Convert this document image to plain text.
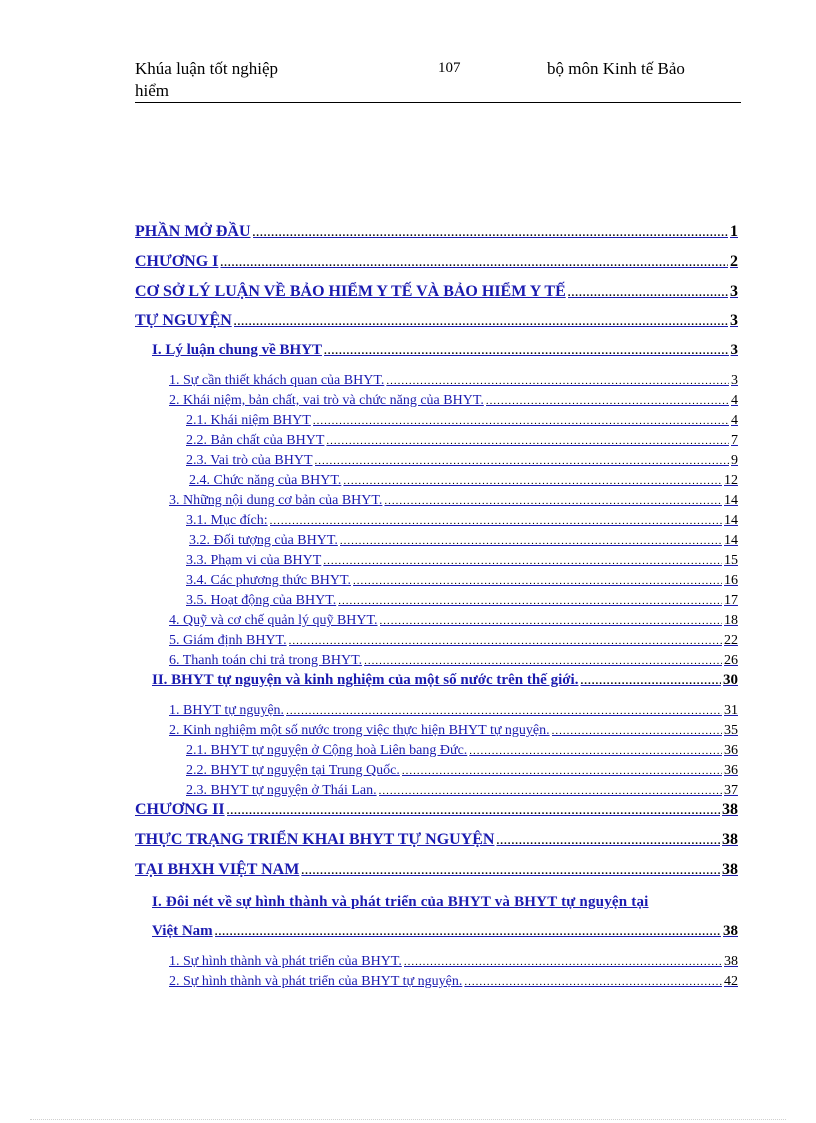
Khúa luận tốt nghiệp
hiểm
107	bộ môn Kinh tế Bảo
PHẦN MỞ ĐẦU .....	1
CHƯƠNG I .....	2
CƠ SỞ LÝ LUẬN VỀ BẢO HIỂM Y TẾ VÀ BẢO HIỂM Y TẾ .....	3
TỰ NGUYỆN .....	3
I. Lý luận chung về BHYT .....	3
1. Sự cần thiết khách quan của BHYT. .....	3
2. Khái niệm, bản chất, vai trò và chức năng của BHYT. .....	4
2.1. Khái niệm BHYT .....	4
2.2. Bản chất của BHYT .....	7
2.3. Vai trò của BHYT .....	9
2.4. Chức năng của BHYT. .....	12
3. Những nội dung cơ bản của BHYT. .....	14
3.1. Mục đích: .....	14
3.2. Đối tượng của BHYT. .....	14
3.3. Phạm vi của BHYT .....	15
3.4. Các phương thức BHYT. .....	16
3.5. Hoạt động của BHYT. .....	17
4. Quỹ và cơ chế quản lý quỹ BHYT. .....	18
5. Giám định BHYT. .....	22
6. Thanh toán chi trả trong BHYT. .....	26
II. BHYT tự nguyện và kinh nghiệm của một số nước trên thế giới. .....	30
1. BHYT tự nguyện. .....	31
2. Kinh nghiệm một số nước trong việc thực hiện BHYT tự nguyện. .....	35
2.1. BHYT tự nguyện ở Cộng hoà Liên bang Đức. .....	36
2.2. BHYT tự nguyện tại Trung Quốc. .....	36
2.3. BHYT tự nguyện ở Thái Lan. .....	37
CHƯƠNG II .....	38
THỰC TRẠNG TRIỂN KHAI BHYT TỰ NGUYỆN .....	38
TẠI BHXH VIỆT NAM .....	38
I. Đôi nét về sự hình thành và phát triển của BHYT và BHYT tự nguyện tại
Việt Nam .....	38
1. Sự hình thành và phát triển của BHYT. .....	38
2. Sự hình thành và phát triển của BHYT tự nguyện. .....	42
